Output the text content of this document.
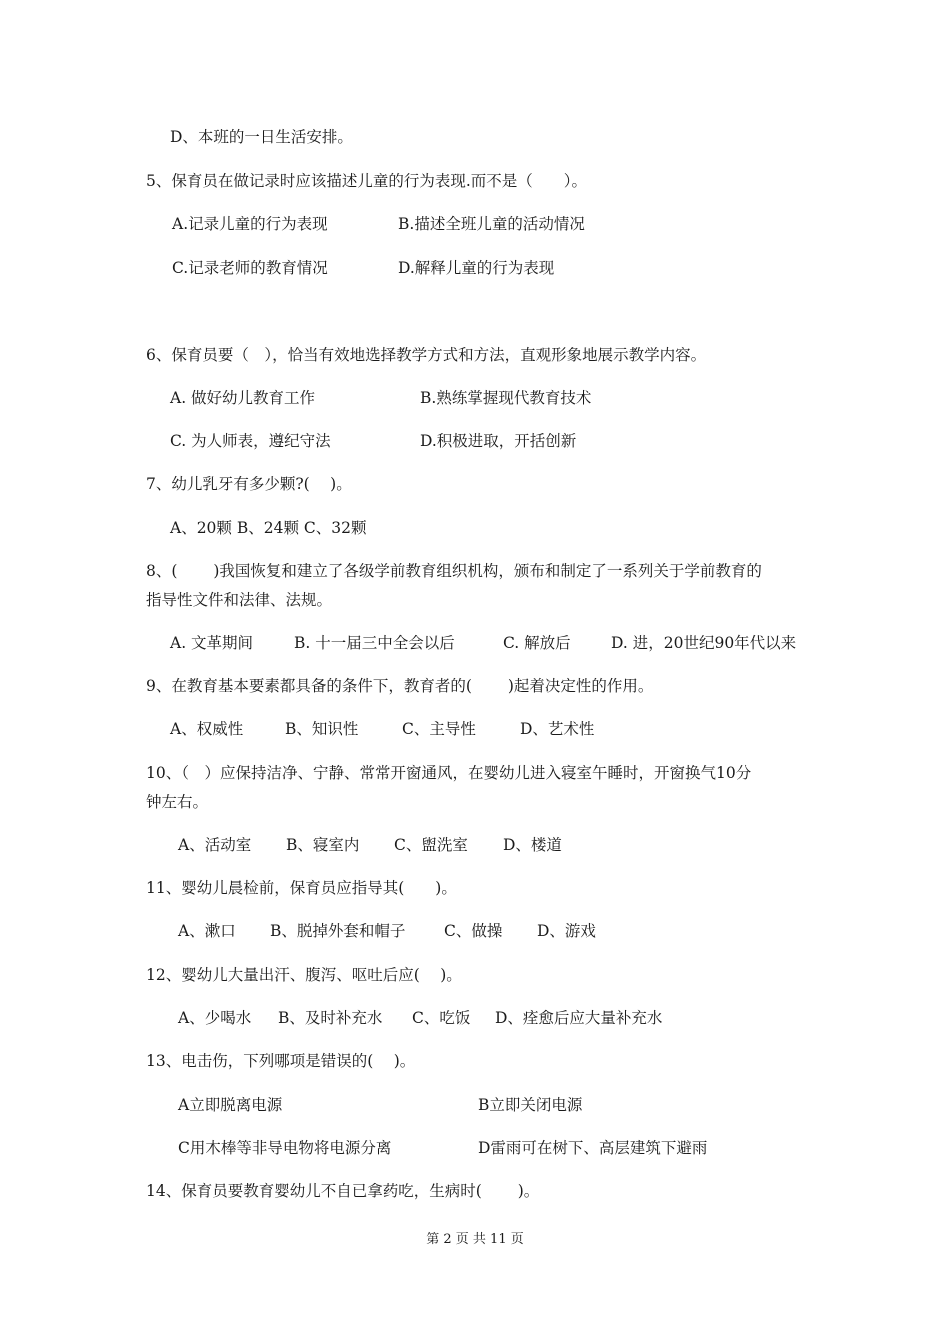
D、本班的一日生活安排。
5、保育员在做记录时应该描述儿童的行为表现.而不是（　　）。
A.记录儿童的行为表现	B.描述全班儿童的活动情况
C.记录老师的教育情况	D.解释儿童的行为表现
6、保育员要（　），恰当有效地选择教学方式和方法，直观形象地展示教学内容。
A. 做好幼儿教育工作	B.熟练掌握现代教育技术
C. 为人师表，遵纪守法	D.积极进取，开括创新
7、幼儿乳牙有多少颗?(　 )。
A、20颗 B、24颗 C、32颗
8、(　　 )我国恢复和建立了各级学前教育组织机构，颁布和制定了一系列关于学前教育的
指导性文件和法律、法规。
A. 文革期间	B. 十一届三中全会以后	C. 解放后	D. 进，20世纪90年代以来
9、在教育基本要素都具备的条件下，教育者的(　　 )起着决定性的作用。
A、权威性	B、知识性	C、主导性	D、艺术性
10、（　）应保持洁净、宁静、常常开窗通风，在婴幼儿进入寝室午睡时，开窗换气10分
钟左右。
A、活动室 B、寝室内 C、盥洗室 D、楼道
11、婴幼儿晨检前，保育员应指导其(　　)。
A、漱口 B、脱掉外套和帽子 C、做操 D、游戏
12、婴幼儿大量出汗、腹泻、呕吐后应(　 )。
A、少喝水 B、及时补充水 C、吃饭 D、痊愈后应大量补充水
13、电击伤，下列哪项是错误的(　 )。
A立即脱离电源	B立即关闭电源
C用木棒等非导电物将电源分离	D雷雨可在树下、高层建筑下避雨
14、保育员要教育婴幼儿不自已拿药吃，生病时(　　 )。
第 2 页 共 11 页
